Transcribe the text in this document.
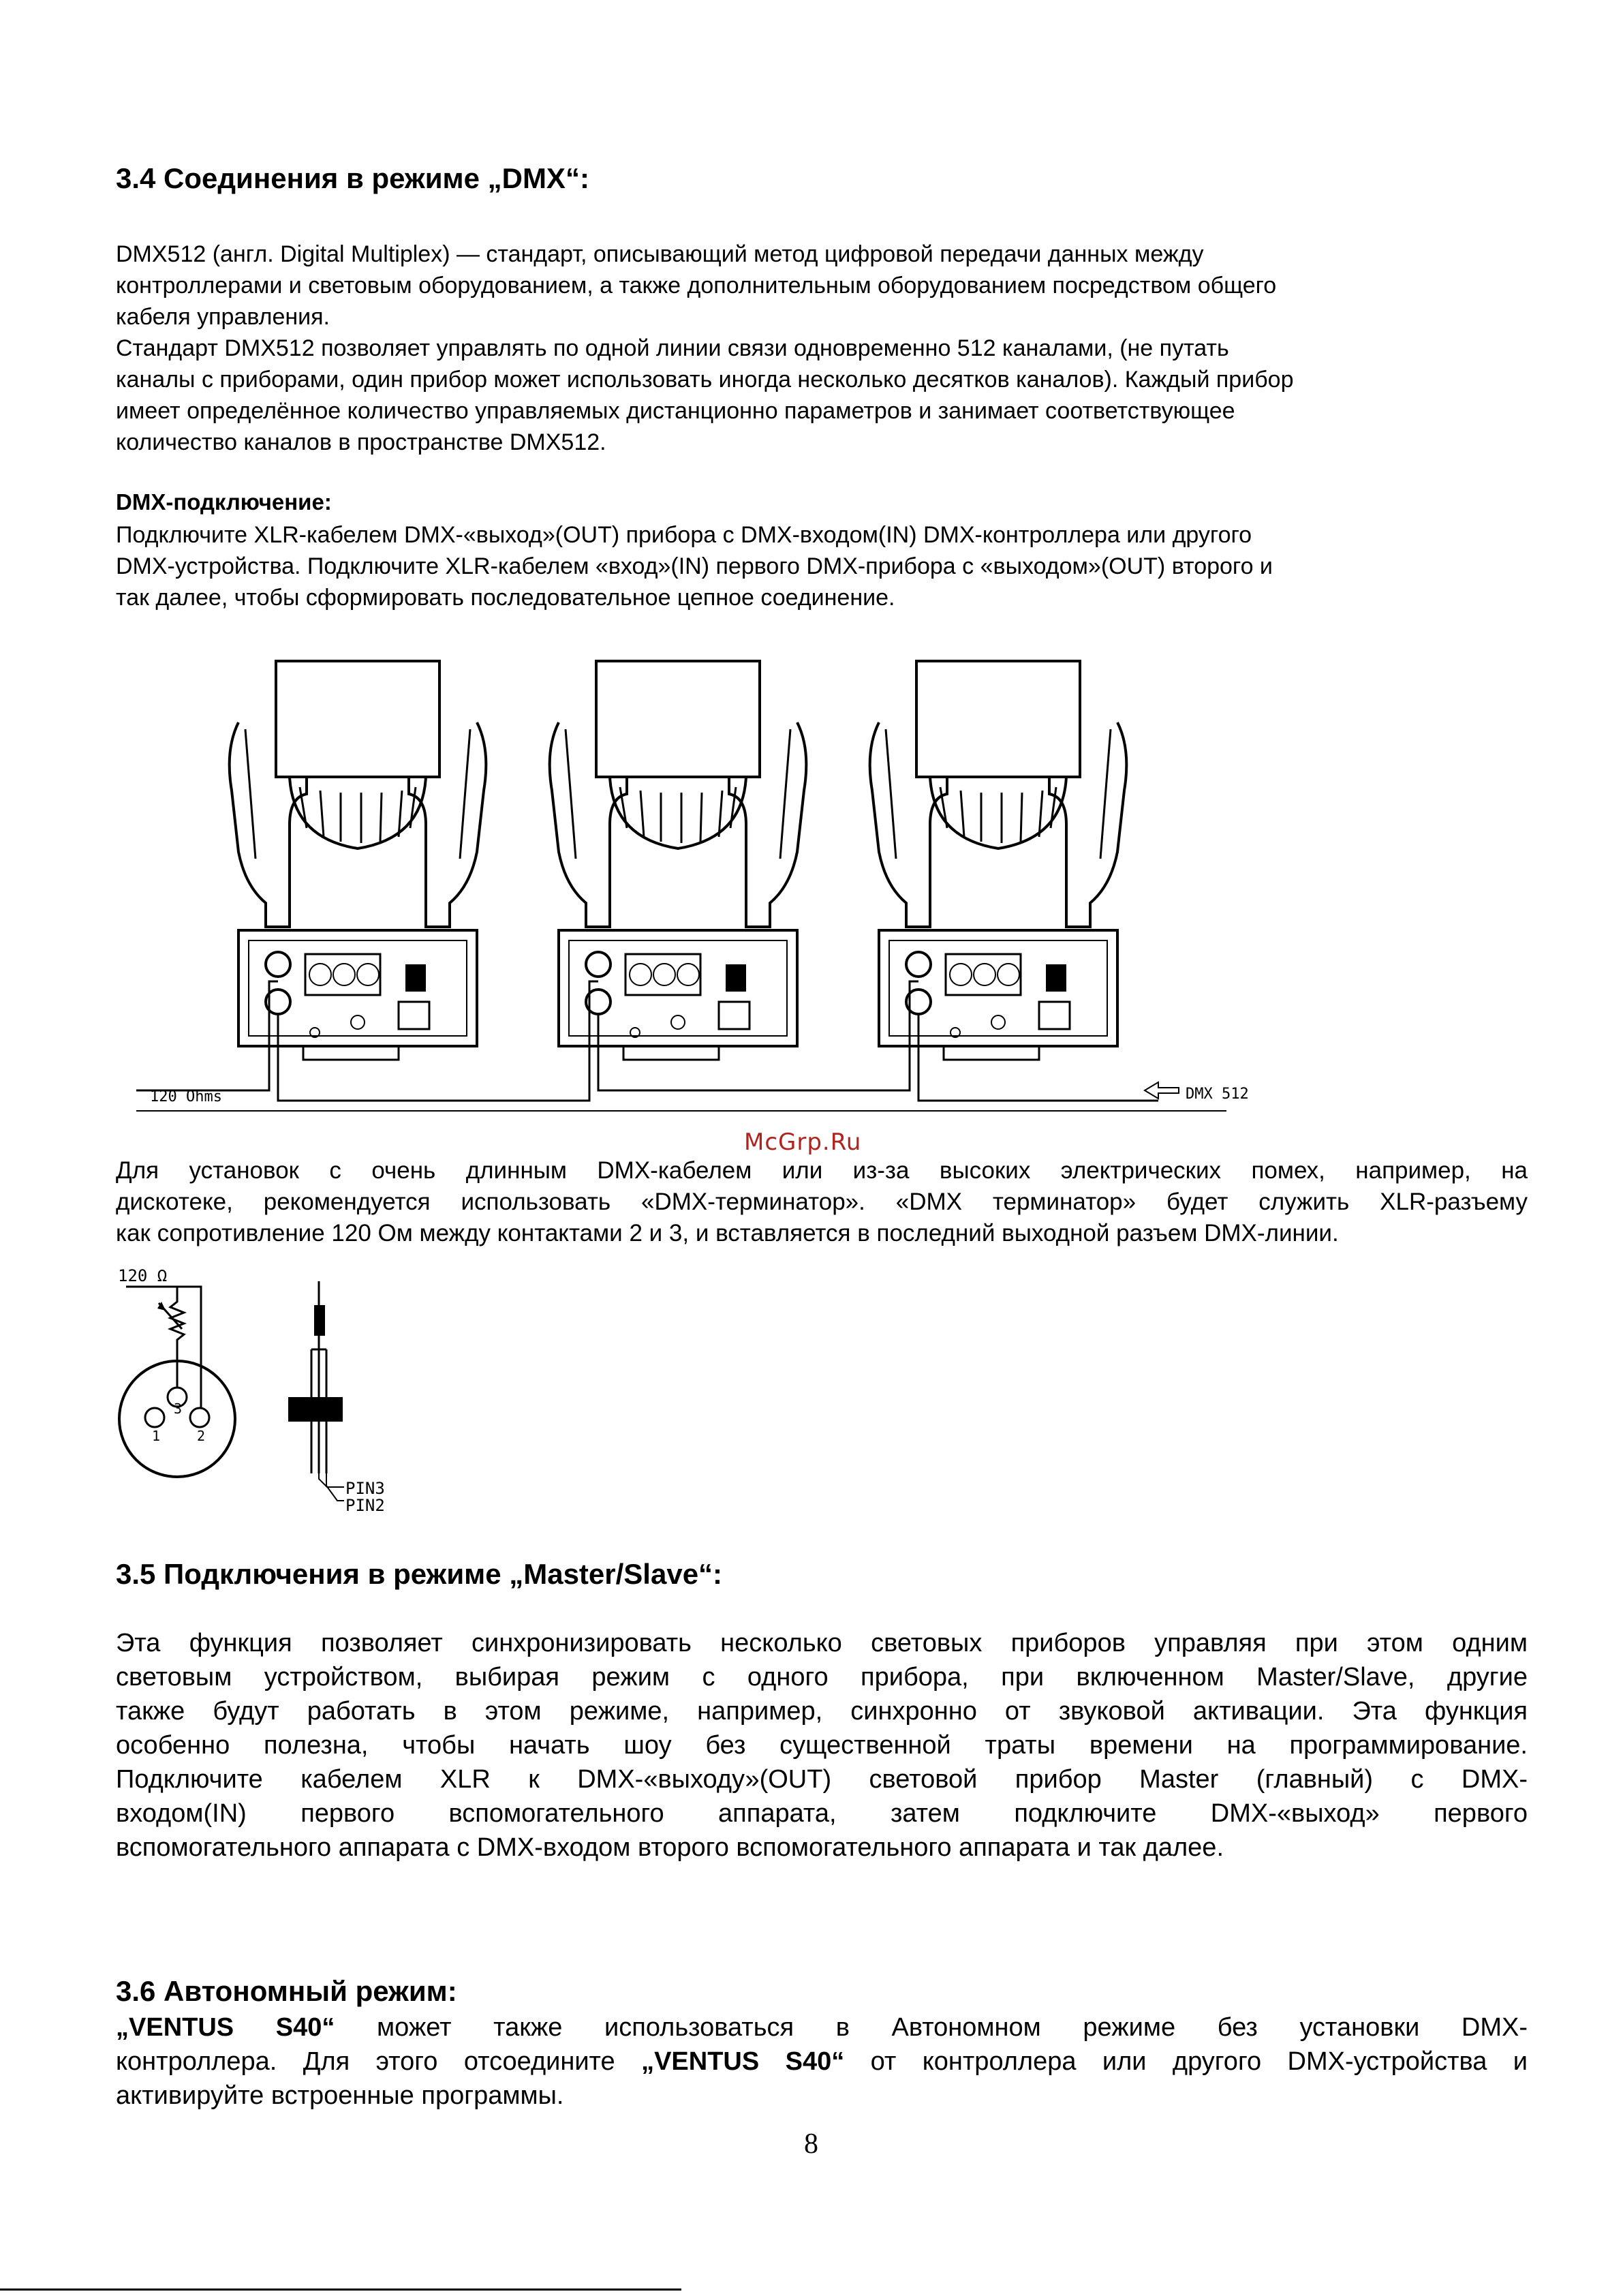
3.4 Соединения в режиме „DMX“:
DMX512 (англ. Digital Multiplex) — стандарт, описывающий метод цифровой передачи данных между
контроллерами и световым оборудованием, а также дополнительным оборудованием посредством общего
кабеля управления.
Стандарт DMX512 позволяет управлять по одной линии связи одновременно 512 каналами, (не путать
каналы с приборами, один прибор может использовать иногда несколько десятков каналов). Каждый прибор
имеет определённое количество управляемых дистанционно параметров и занимает соответствующее
количество каналов в пространстве DMX512.
DMX-подключение:
Подключите XLR-кабелем DMX-«выход»(OUT) прибора с DMX-входом(IN) DMX-контроллера или другого
DMX-устройства. Подключите XLR-кабелем «вход»(IN) первого DMX-прибора с «выходом»(OUT) второго и
так далее, чтобы сформировать последовательное цепное соединение.
120 Ohms	DMX 512
McGrp.Ru
Для установок с очень длинным DMX-кабелем или из-за высоких электрических помех, например, на
дискотеке, рекомендуется использовать «DMX-терминатор». «DMX терминатор» будет служить XLR-разъему
как сопротивление 120 Ом между контактами 2 и 3, и вставляется в последний выходной разъем DMX-линии.
120 Ω
3
1	2
PIN3
PIN2
3.5 Подключения в режиме „Master/Slave“:
Эта функция позволяет синхронизировать несколько световых приборов управляя при этом одним
световым устройством, выбирая режим с одного прибора, при включенном Master/Slave, другие
также будут работать в этом режиме, например, синхронно от звуковой активации. Эта функция
особенно полезна, чтобы начать шоу без существенной траты времени на программирование.
Подключите кабелем XLR к DMX-«выходу»(OUT) световой прибор Master (главный) с DMX-
входом(IN) первого вспомогательного аппарата, затем подключите DMX-«выход» первого
вспомогательного аппарата с DMX-входом второго вспомогательного аппарата и так далее.
3.6 Автономный режим:
„VENTUS S40“ может также использоваться в Автономном режиме без установки DMX-
контроллера. Для этого отсоедините „VENTUS S40“ от контроллера или другого DMX-устройства и
активируйте встроенные программы.
8
